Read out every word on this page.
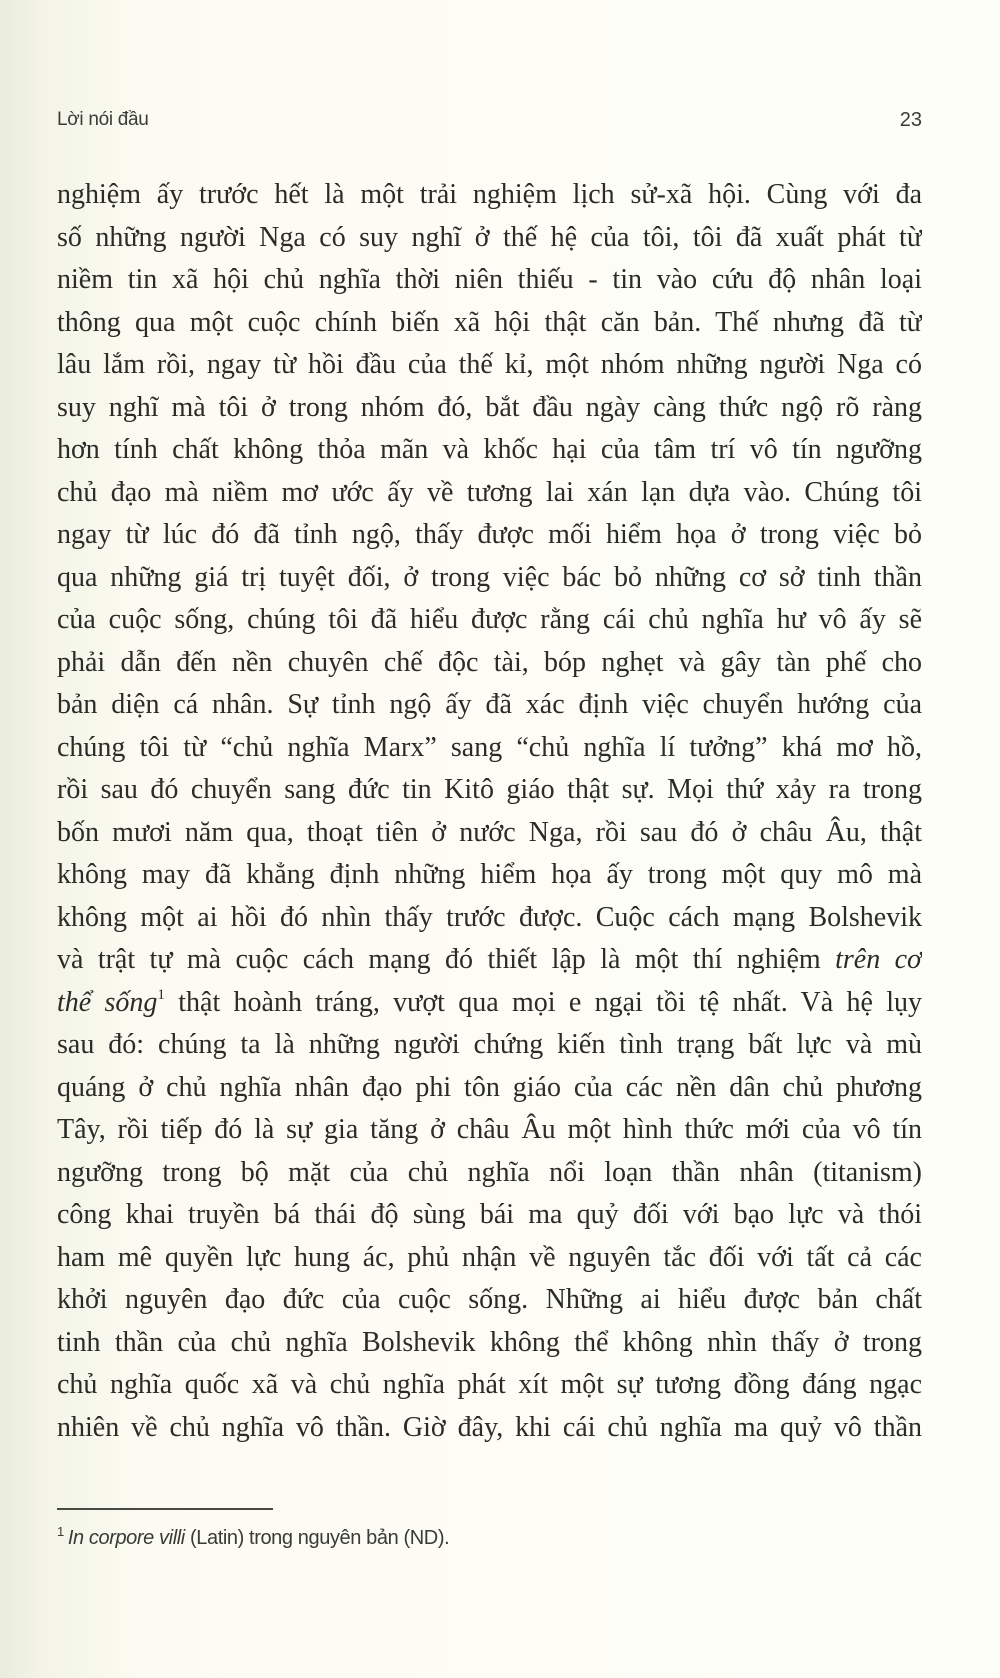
Lời nói đầu	23
nghiệm ấy trước hết là một trải nghiệm lịch sử-xã hội. Cùng với đa
số những người Nga có suy nghĩ ở thế hệ của tôi, tôi đã xuất phát từ
niềm tin xã hội chủ nghĩa thời niên thiếu - tin vào cứu độ nhân loại
thông qua một cuộc chính biến xã hội thật căn bản. Thế nhưng đã từ
lâu lắm rồi, ngay từ hồi đầu của thế kỉ, một nhóm những người Nga có
suy nghĩ mà tôi ở trong nhóm đó, bắt đầu ngày càng thức ngộ rõ ràng
hơn tính chất không thỏa mãn và khốc hại của tâm trí vô tín ngưỡng
chủ đạo mà niềm mơ ước ấy về tương lai xán lạn dựa vào. Chúng tôi
ngay từ lúc đó đã tỉnh ngộ, thấy được mối hiểm họa ở trong việc bỏ
qua những giá trị tuyệt đối, ở trong việc bác bỏ những cơ sở tinh thần
của cuộc sống, chúng tôi đã hiểu được rằng cái chủ nghĩa hư vô ấy sẽ
phải dẫn đến nền chuyên chế độc tài, bóp nghẹt và gây tàn phế cho
bản diện cá nhân. Sự tỉnh ngộ ấy đã xác định việc chuyển hướng của
chúng tôi từ “chủ nghĩa Marx” sang “chủ nghĩa lí tưởng” khá mơ hồ,
rồi sau đó chuyển sang đức tin Kitô giáo thật sự. Mọi thứ xảy ra trong
bốn mươi năm qua, thoạt tiên ở nước Nga, rồi sau đó ở châu Âu, thật
không may đã khẳng định những hiểm họa ấy trong một quy mô mà
không một ai hồi đó nhìn thấy trước được. Cuộc cách mạng Bolshevik
và trật tự mà cuộc cách mạng đó thiết lập là một thí nghiệm trên cơ
thể sống$^1$ thật hoành tráng, vượt qua mọi e ngại tồi tệ nhất. Và hệ lụy
sau đó: chúng ta là những người chứng kiến tình trạng bất lực và mù
quáng ở chủ nghĩa nhân đạo phi tôn giáo của các nền dân chủ phương
Tây, rồi tiếp đó là sự gia tăng ở châu Âu một hình thức mới của vô tín
ngưỡng trong bộ mặt của chủ nghĩa nổi loạn thần nhân (titanism)
công khai truyền bá thái độ sùng bái ma quỷ đối với bạo lực và thói
ham mê quyền lực hung ác, phủ nhận về nguyên tắc đối với tất cả các
khởi nguyên đạo đức của cuộc sống. Những ai hiểu được bản chất
tinh thần của chủ nghĩa Bolshevik không thể không nhìn thấy ở trong
chủ nghĩa quốc xã và chủ nghĩa phát xít một sự tương đồng đáng ngạc
nhiên về chủ nghĩa vô thần. Giờ đây, khi cái chủ nghĩa ma quỷ vô thần
$^1$ In corpore villi (Latin) trong nguyên bản (ND).
